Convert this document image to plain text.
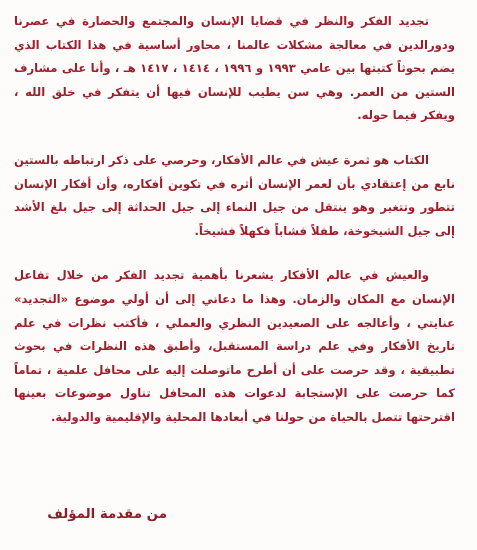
تجديد الفكر والنظر في قضايا الإنسان والمجتمع والحضارة في عصرنا ودورالدين في معالجة مشكلات عالمنا ، محاور أساسية في هذا الكتاب الذي يضم بحوثاً كتبتها بين عامي ١٩٩٣ و ١٩٩٦ ، ١٤١٤ ، ١٤١٧ هـ ، وأنا على مشارف الستين من العمر. وهي سن يطيب للإنسان فيها أن يتفكر في خلق الله ، ويفكر فيما حوله.

الكتاب هو ثمرة عيش في عالم الأفكار، وحرصي على ذكر ارتباطه بالستين نابع من إعتقادي بأن لعمر الإنسان أثره في تكوين أفكاره، وأن أفكار الإنسان تتطور وتتغير وهو ينتقل من جيل النماء إلى جيل الحداثة إلى جيل بلغ الأشد إلى جيل الشيخوخة، طفلاً فشاباً فكهلاً فشيخاً.

والعيش في عالم الأفكار يشعرنا بأهمية تجديد الفكر من خلال تفاعل الإنسان مع المكان والزمان. وهذا ما دعاني إلى أن أولي موضوع «التجديد» عنايتي ، وأعالجه على الصعيدين النظري والعملي ، فأكتب نظرات في علم تاريخ الأفكار وفي علم دراسة المستقبل، وأطبق هذه النظرات في بحوث تطبيقية ، وقد حرصت على أن أطرح ماتوصلت إليه على محافل علمية ، تماماً كما حرصت على الإستجابة لدعوات هذه المحافل تناول موضوعات بعينها اقترحتها تتصل بالحياة من حولنا في أبعادها المحلية والإقليمية والدولية.

من مقدمة المؤلف
